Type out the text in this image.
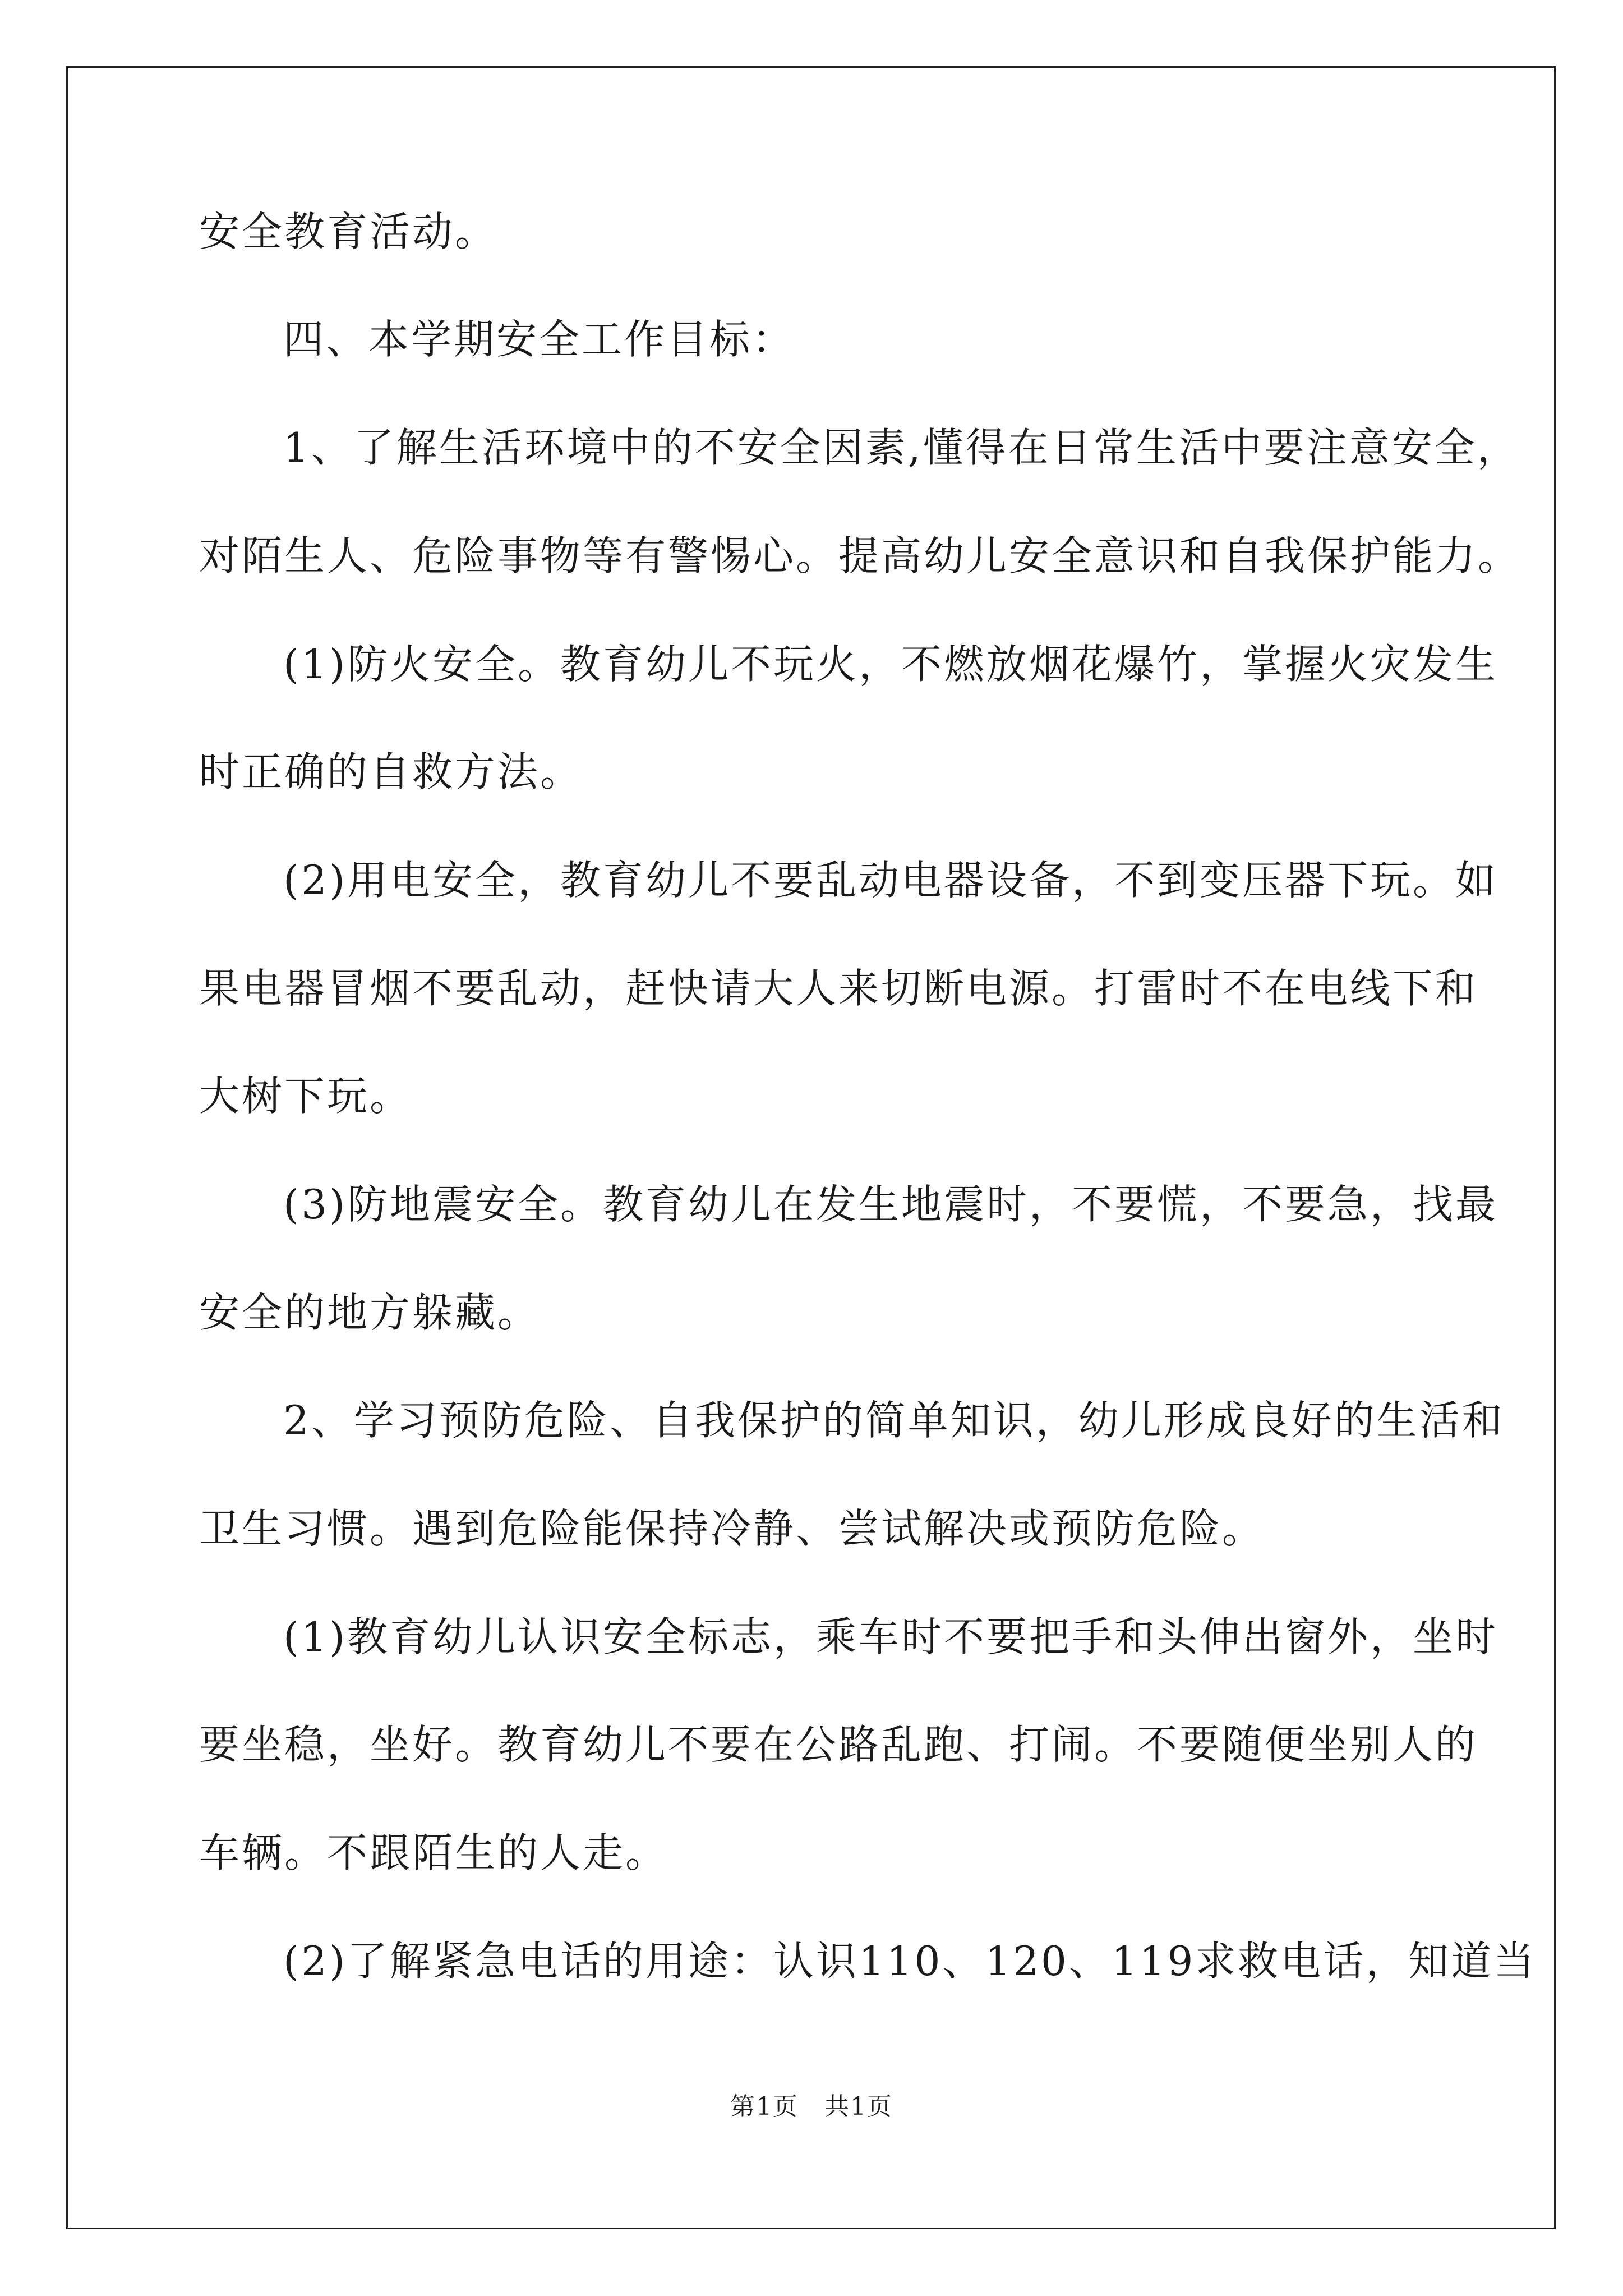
安全教育活动。
四、本学期安全工作目标：
1、了解生活环境中的不安全因素,懂得在日常生活中要注意安全，
对陌生人、危险事物等有警惕心。提高幼儿安全意识和自我保护能力。
(1)防火安全。教育幼儿不玩火，不燃放烟花爆竹，掌握火灾发生
时正确的自救方法。
(2)用电安全，教育幼儿不要乱动电器设备，不到变压器下玩。如
果电器冒烟不要乱动，赶快请大人来切断电源。打雷时不在电线下和
大树下玩。
(3)防地震安全。教育幼儿在发生地震时，不要慌，不要急，找最
安全的地方躲藏。
2、学习预防危险、自我保护的简单知识，幼儿形成良好的生活和
卫生习惯。遇到危险能保持冷静、尝试解决或预防危险。
(1)教育幼儿认识安全标志，乘车时不要把手和头伸出窗外，坐时
要坐稳，坐好。教育幼儿不要在公路乱跑、打闹。不要随便坐别人的
车辆。不跟陌生的人走。
(2)了解紧急电话的用途：认识110、120、119求救电话，知道当
第1页　共1页
